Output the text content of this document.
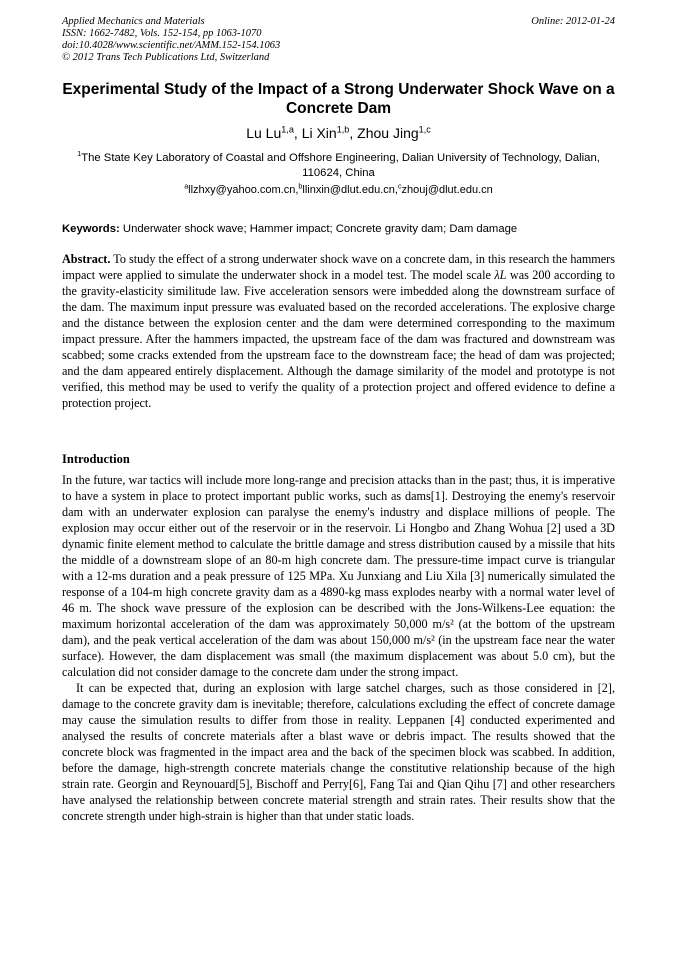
Applied Mechanics and Materials
ISSN: 1662-7482, Vols. 152-154, pp 1063-1070
doi:10.4028/www.scientific.net/AMM.152-154.1063
© 2012 Trans Tech Publications Ltd, Switzerland
Online: 2012-01-24
Experimental Study of the Impact of a Strong Underwater Shock Wave on a Concrete Dam
Lu Lu$^{1,a}$, Li Xin$^{1,b}$, Zhou Jing$^{1,c}$
$^1$The State Key Laboratory of Coastal and Offshore Engineering, Dalian University of Technology, Dalian, 110624, China
$^a$llzhxy@yahoo.com.cn,$^b$llinxin@dlut.edu.cn,$^c$zhouj@dlut.edu.cn
Keywords: Underwater shock wave; Hammer impact; Concrete gravity dam; Dam damage
Abstract. To study the effect of a strong underwater shock wave on a concrete dam, in this research the hammers impact were applied to simulate the underwater shock in a model test. The model scale λL was 200 according to the gravity-elasticity similitude law. Five acceleration sensors were imbedded along the downstream surface of the dam. The maximum input pressure was evaluated based on the recorded accelerations. The explosive charge and the distance between the explosion center and the dam were determined corresponding to the maximum impact pressure. After the hammers impacted, the upstream face of the dam was fractured and downstream was scabbed; some cracks extended from the upstream face to the downstream face; the head of dam was projected; and the dam appeared entirely displacement. Although the damage similarity of the model and prototype is not verified, this method may be used to verify the quality of a protection project and offered evidence to define a protection project.
Introduction

In the future, war tactics will include more long-range and precision attacks than in the past; thus, it is imperative to have a system in place to protect important public works, such as dams[1]. Destroying the enemy's reservoir dam with an underwater explosion can paralyse the enemy's industry and displace millions of people. The explosion may occur either out of the reservoir or in the reservoir. Li Hongbo and Zhang Wohua [2] used a 3D dynamic finite element method to calculate the brittle damage and stress distribution caused by a missile that hits the middle of a downstream slope of an 80-m high concrete dam. The pressure-time impact curve is triangular with a 12-ms duration and a peak pressure of 125 MPa. Xu Junxiang and Liu Xila [3] numerically simulated the response of a 104-m high concrete gravity dam as a 4890-kg mass explodes nearby with a normal water level of 46 m. The shock wave pressure of the explosion can be described with the Jons-Wilkens-Lee equation: the maximum horizontal acceleration of the dam was approximately 50,000 m/s² (at the bottom of the upstream dam), and the peak vertical acceleration of the dam was about 150,000 m/s² (in the upstream face near the water surface). However, the dam displacement was small (the maximum displacement was about 5.0 cm), but the calculation did not consider damage to the concrete dam under the strong impact.

It can be expected that, during an explosion with large satchel charges, such as those considered in [2], damage to the concrete gravity dam is inevitable; therefore, calculations excluding the effect of concrete damage may cause the simulation results to differ from those in reality. Leppanen [4] conducted experimented and analysed the results of concrete materials after a blast wave or debris impact. The results showed that the concrete block was fragmented in the impact area and the back of the specimen block was scabbed. In addition, before the damage, high-strength concrete materials change the constitutive relationship because of the high strain rate. Georgin and Reynouard[5], Bischoff and Perry[6], Fang Tai and Qian Qihu [7] and other researchers have analysed the relationship between concrete material strength and strain rates. Their results show that the concrete strength under high-strain is higher than that under static loads.
